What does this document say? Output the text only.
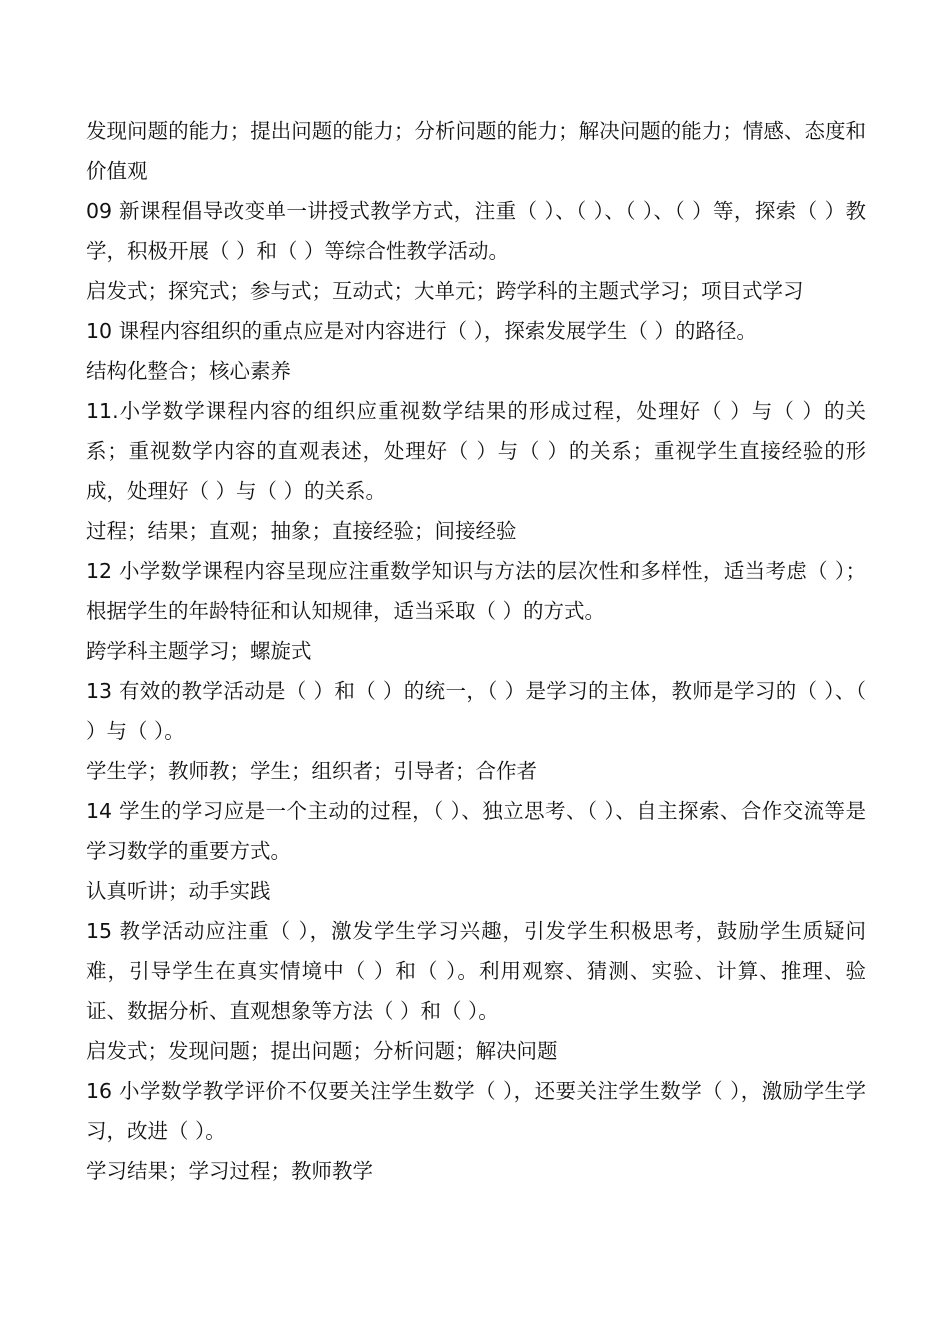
发现问题的能力；提出问题的能力；分析问题的能力；解决问题的能力；情感、态度和价值观

09 新课程倡导改变单一讲授式教学方式，注重（ ）、（ ）、（ ）、（ ）等，探索（ ）教学，积极开展（ ）和（ ）等综合性教学活动。

启发式；探究式；参与式；互动式；大单元；跨学科的主题式学习；项目式学习

10 课程内容组织的重点应是对内容进行（ ），探索发展学生（ ）的路径。

结构化整合；核心素养

11.小学数学课程内容的组织应重视数学结果的形成过程，处理好（ ）与（ ）的关系；重视数学内容的直观表述，处理好（ ）与（ ）的关系；重视学生直接经验的形成，处理好（ ）与（ ）的关系。

过程；结果；直观；抽象；直接经验；间接经验

12 小学数学课程内容呈现应注重数学知识与方法的层次性和多样性，适当考虑（ ）；根据学生的年龄特征和认知规律，适当采取（ ）的方式。

跨学科主题学习；螺旋式

13 有效的教学活动是（ ）和（ ）的统一，（ ）是学习的主体，教师是学习的（ ）、（ ）与（ ）。

学生学；教师教；学生；组织者；引导者；合作者

14 学生的学习应是一个主动的过程，（ ）、独立思考、（ ）、自主探索、合作交流等是学习数学的重要方式。

认真听讲；动手实践

15 教学活动应注重（ ），激发学生学习兴趣，引发学生积极思考，鼓励学生质疑问难，引导学生在真实情境中（ ）和（ ）。利用观察、猜测、实验、计算、推理、验证、数据分析、直观想象等方法（ ）和（ ）。

启发式；发现问题；提出问题；分析问题；解决问题

16 小学数学教学评价不仅要关注学生数学（ ），还要关注学生数学（ ），激励学生学习，改进（ ）。

学习结果；学习过程；教师教学
